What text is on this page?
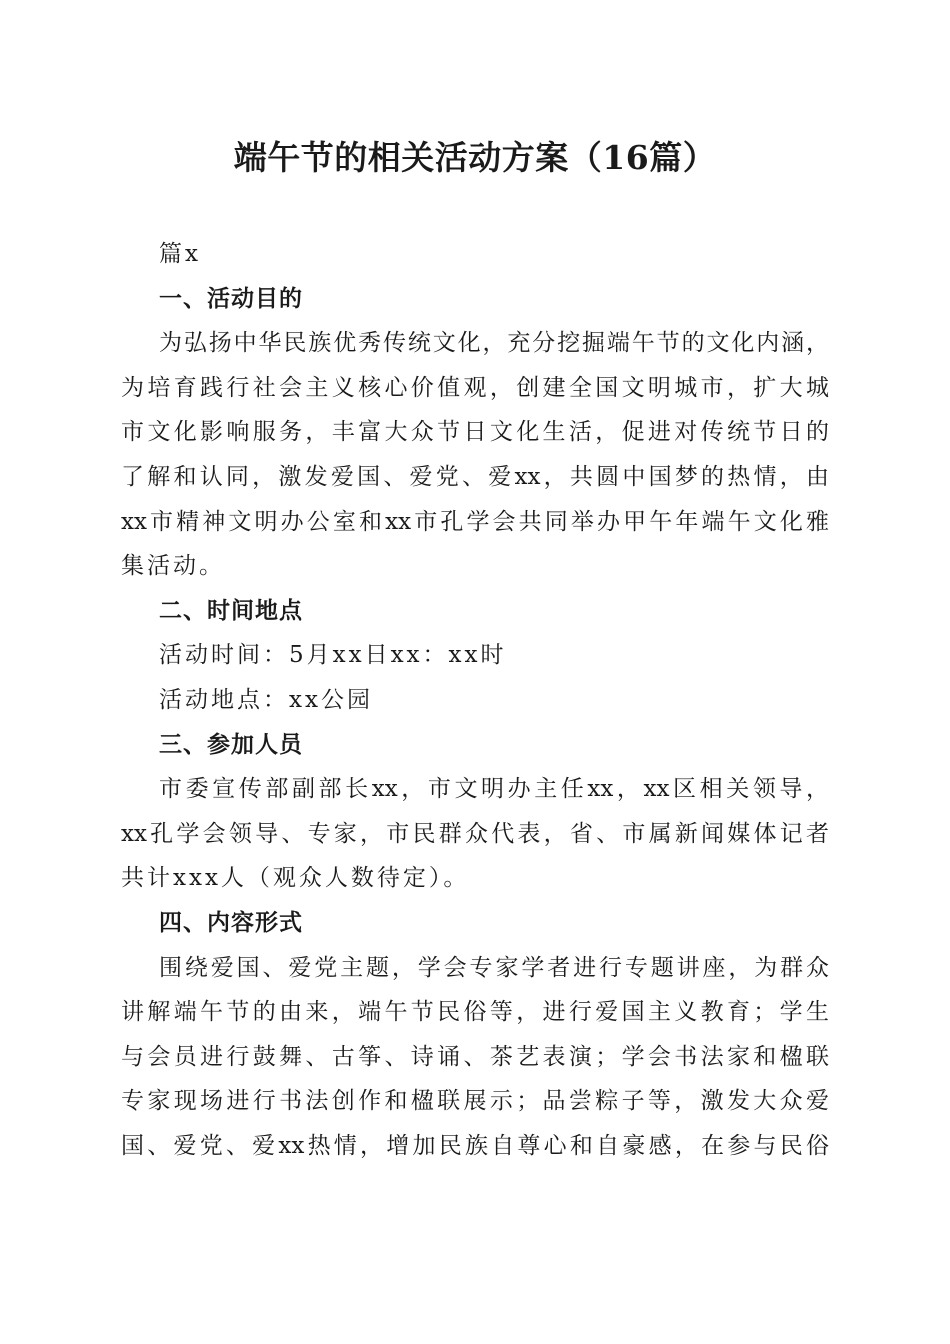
端午节的相关活动方案（16篇）

篇x

一、活动目的

为弘扬中华民族优秀传统文化，充分挖掘端午节的文化内涵，

为培育践行社会主义核心价值观，创建全国文明城市，扩大城

市文化影响服务，丰富大众节日文化生活，促进对传统节日的

了解和认同，激发爱国、爱党、爱xx，共圆中国梦的热情，由

xx市精神文明办公室和xx市孔学会共同举办甲午年端午文化雅

集活动。

二、时间地点

活动时间：5月xx日xx：xx时

活动地点：xx公园

三、参加人员

市委宣传部副部长xx，市文明办主任xx，xx区相关领导，

xx孔学会领导、专家，市民群众代表，省、市属新闻媒体记者

共计xxx人（观众人数待定）。

四、内容形式

围绕爱国、爱党主题，学会专家学者进行专题讲座，为群众

讲解端午节的由来，端午节民俗等，进行爱国主义教育；学生

与会员进行鼓舞、古筝、诗诵、茶艺表演；学会书法家和楹联

专家现场进行书法创作和楹联展示；品尝粽子等，激发大众爱

国、爱党、爱xx热情，增加民族自尊心和自豪感，在参与民俗
